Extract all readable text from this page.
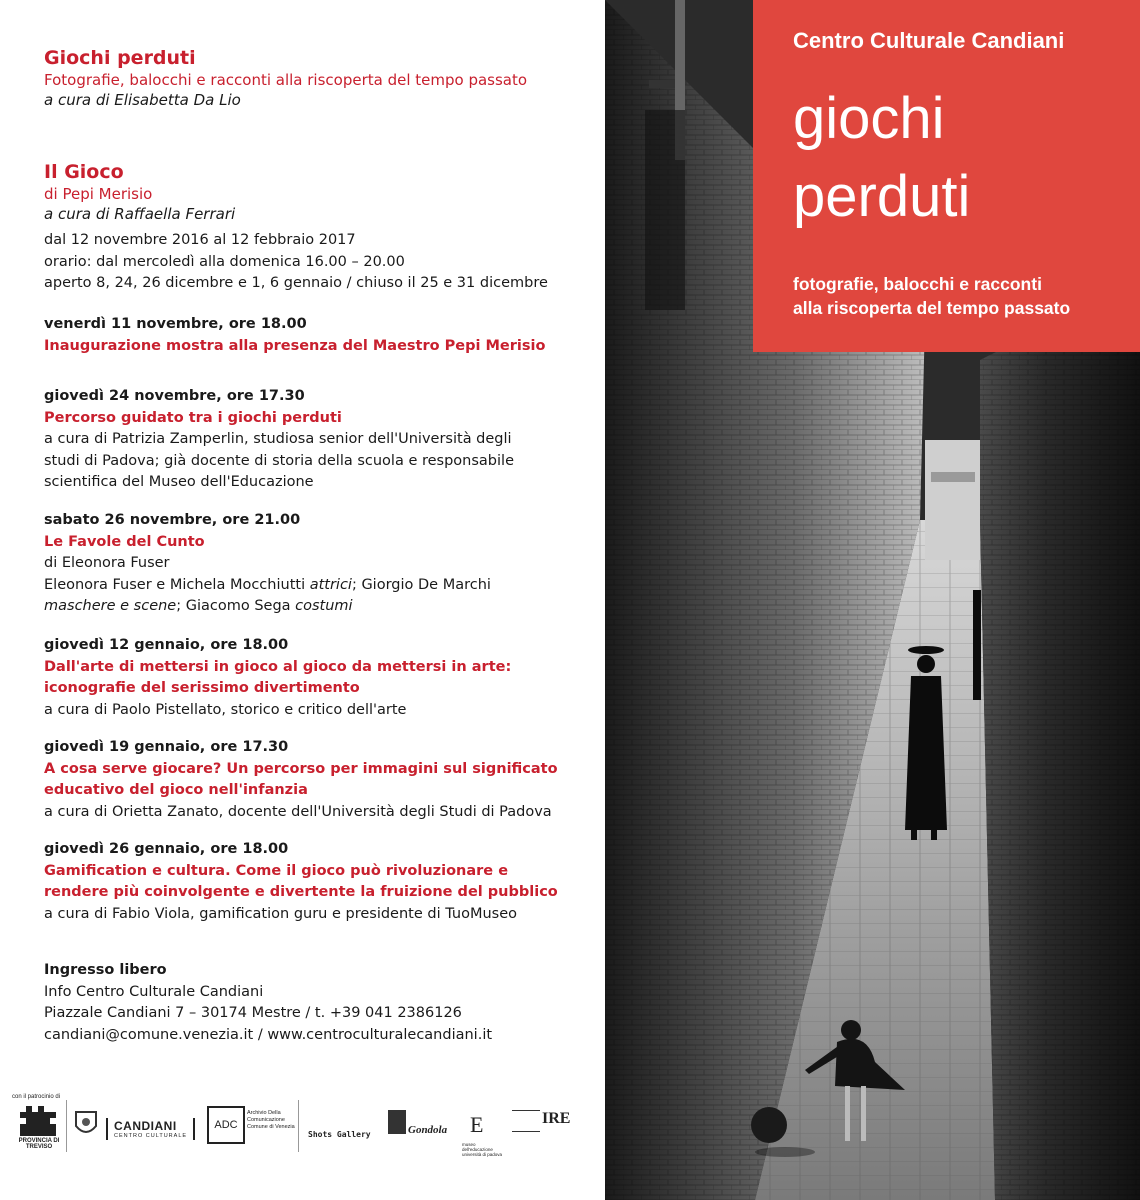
Giochi perduti
Fotografie, balocchi e racconti alla riscoperta del tempo passato
a cura di Elisabetta Da Lio
Il Gioco
di Pepi Merisio
a cura di Raffaella Ferrari
dal 12 novembre 2016 al 12 febbraio 2017
orario: dal mercoledì alla domenica 16.00 – 20.00
aperto 8, 24, 26 dicembre e 1, 6 gennaio / chiuso il 25 e 31 dicembre
venerdì 11 novembre, ore 18.00
Inaugurazione mostra alla presenza del Maestro Pepi Merisio
giovedì 24 novembre, ore 17.30
Percorso guidato tra i giochi perduti
a cura di Patrizia Zamperlin, studiosa senior dell'Università degli
studi di Padova; già docente di storia della scuola e responsabile
scientifica del Museo dell'Educazione
sabato 26 novembre, ore 21.00
Le Favole del Cunto
di Eleonora Fuser
Eleonora Fuser e Michela Mocchiutti attrici; Giorgio De Marchi
maschere e scene; Giacomo Sega costumi
giovedì 12 gennaio, ore 18.00
Dall'arte di mettersi in gioco al gioco da mettersi in arte:
iconografie del serissimo divertimento
a cura di Paolo Pistellato, storico e critico dell'arte
giovedì 19 gennaio, ore 17.30
A cosa serve giocare? Un percorso per immagini sul significato
educativo del gioco nell'infanzia
a cura di Orietta Zanato, docente dell'Università degli Studi di Padova
giovedì 26 gennaio, ore 18.00
Gamification e cultura. Come il gioco può rivoluzionare e
rendere più coinvolgente e divertente la fruizione del pubblico
a cura di Fabio Viola, gamification guru e presidente di TuoMuseo
Ingresso libero
Info Centro Culturale Candiani
Piazzale Candiani 7 – 30174 Mestre / t. +39 041 2386126
candiani@comune.venezia.it / www.centroculturalecandiani.it
con il patrocinio di
PROVINCIA DI TREVISO
CANDIANI
CENTRO CULTURALE
ADC
Archivio Della Comunicazione Comune di Venezia
Shots Gallery	Gondola E
museo dell'educazione università di padova
IRE
Centro Culturale Candiani
giochi
perduti
fotografie, balocchi e racconti
alla riscoperta del tempo passato
